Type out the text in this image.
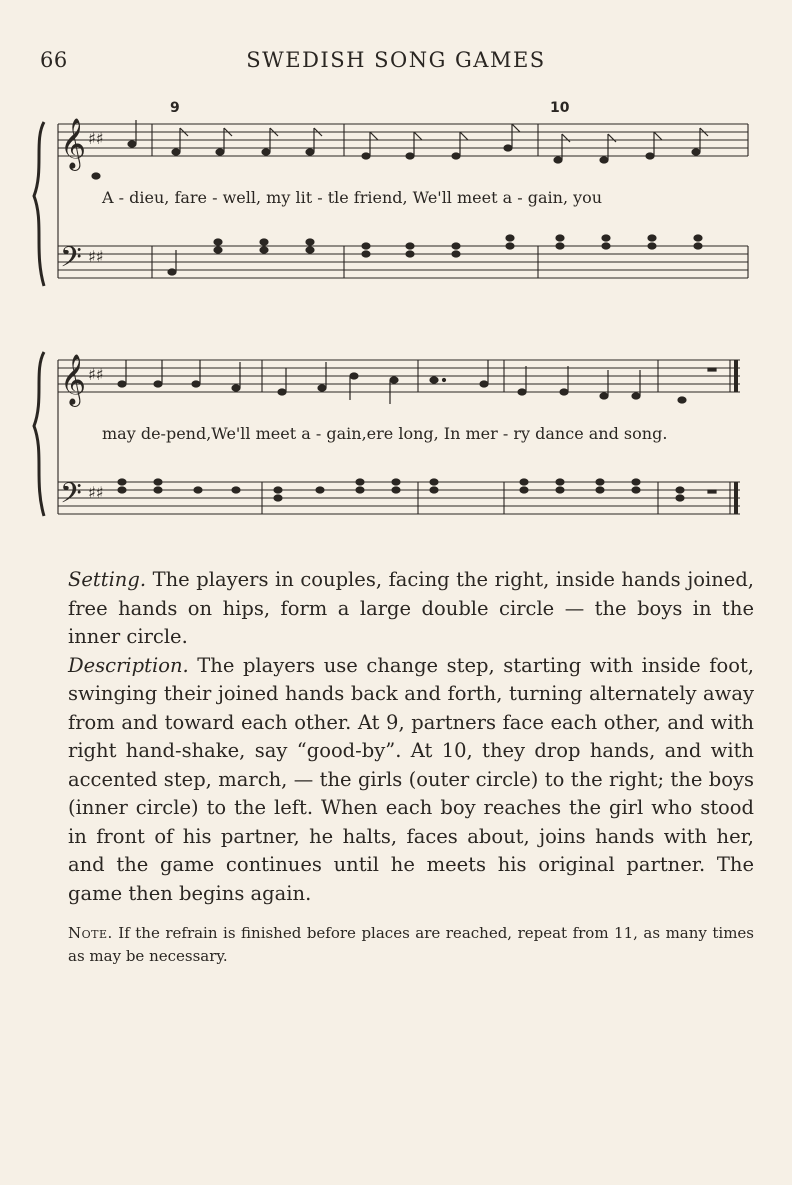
66	SWEDISH SONG GAMES
9	10
𝄞 ♯♯
𝄢 ♯♯
A - dieu, fare - well, my lit - tle friend, We'll meet a - gain, you
𝄞 ♯♯
𝄢 ♯♯
may de-pend,We'll meet a - gain,ere long, In mer - ry dance and song.

Setting. The players in couples, facing the right, inside hands joined, free hands on hips, form a large double circle — the boys in the inner circle.

Description. The players use change step, starting with inside foot, swinging their joined hands back and forth, turning alternately away from and toward each other. At 9, partners face each other, and with right hand-shake, say “good-by”. At 10, they drop hands, and with accented step, march, — the girls (outer circle) to the right; the boys (inner circle) to the left. When each boy reaches the girl who stood in front of his partner, he halts, faces about, joins hands with her, and the game continues until he meets his original partner. The game then begins again.

Note. If the refrain is finished before places are reached, repeat from 11, as many times as may be necessary.
